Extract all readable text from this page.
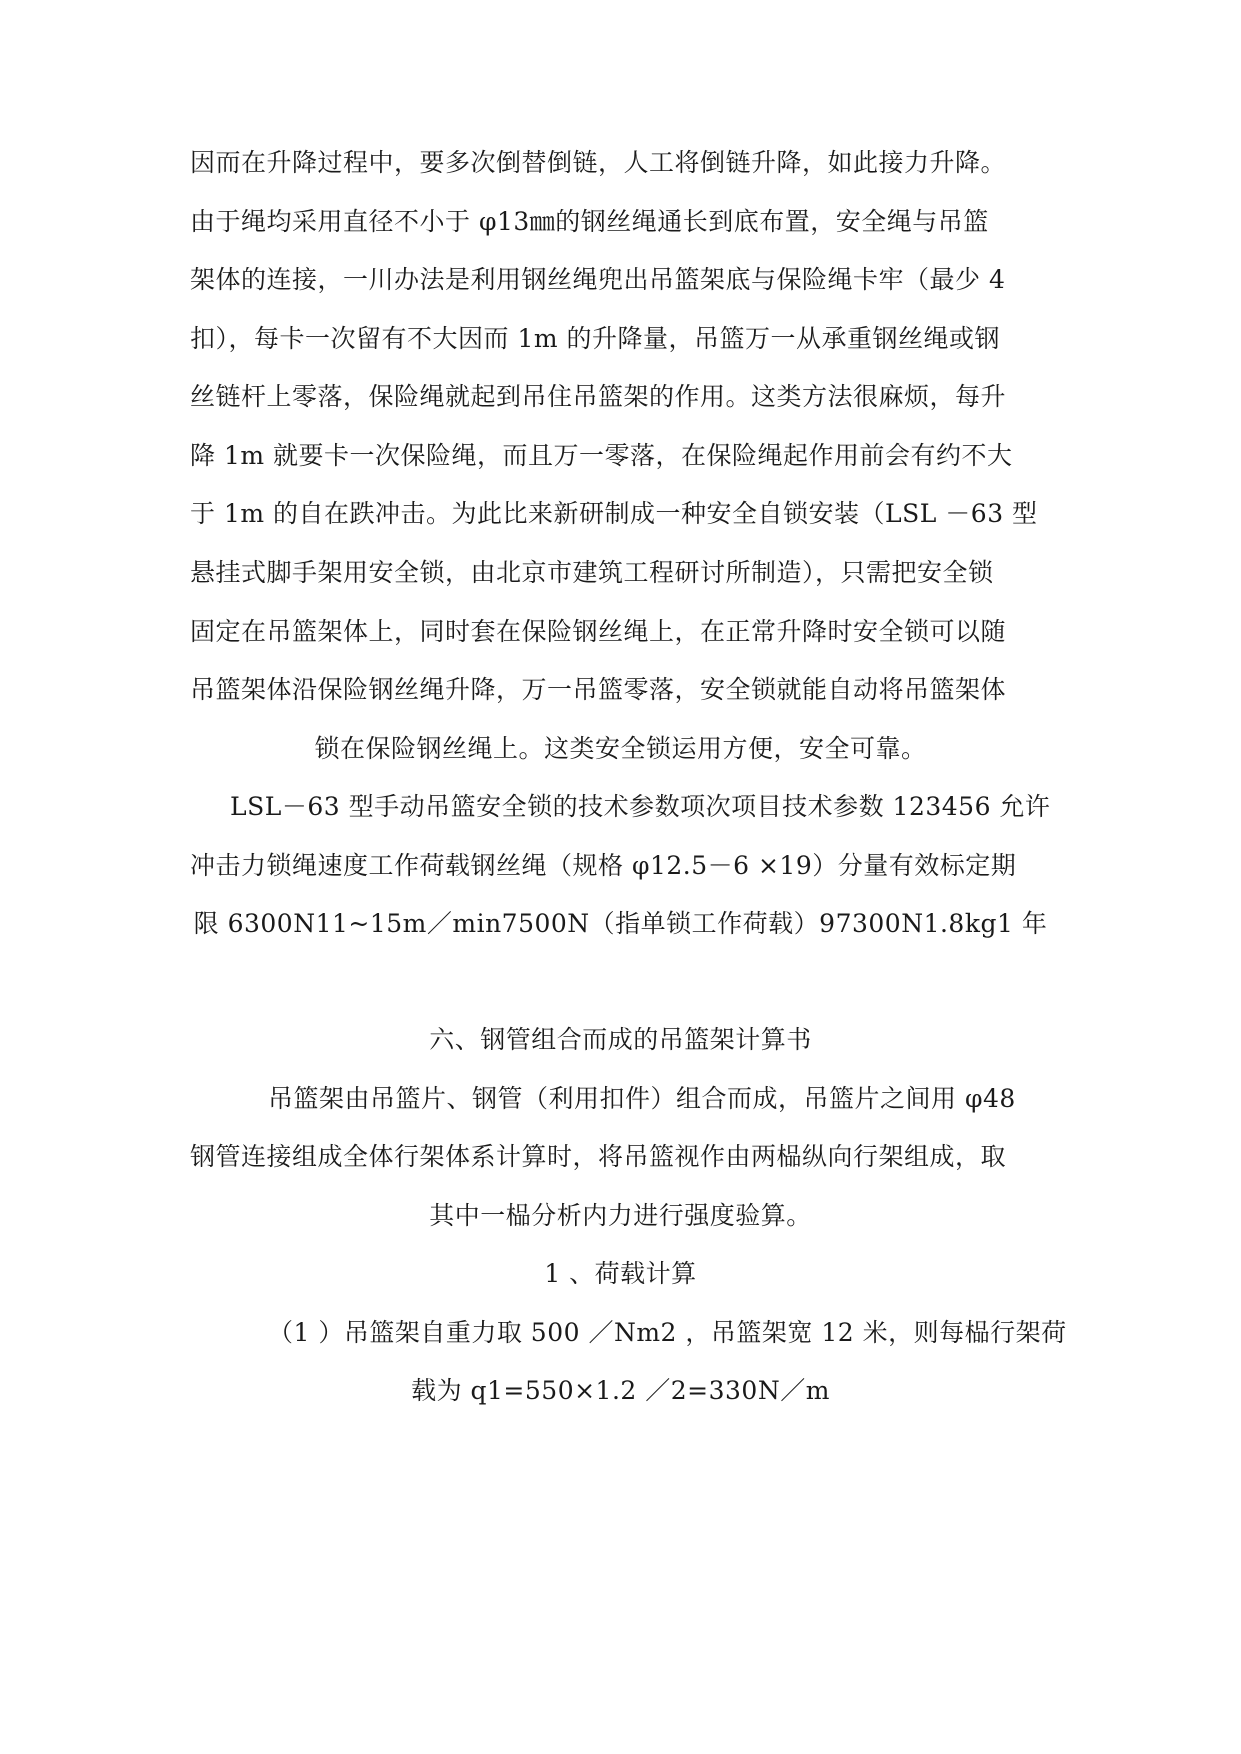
因而在升降过程中，要多次倒替倒链，人工将倒链升降，如此接力升降。
由于绳均采用直径不小于 φ13㎜的钢丝绳通长到底布置，安全绳与吊篮
架体的连接，一川办法是利用钢丝绳兜出吊篮架底与保险绳卡牢（最少 4
扣），每卡一次留有不大因而 1m 的升降量，吊篮万一从承重钢丝绳或钢
丝链杆上零落，保险绳就起到吊住吊篮架的作用。这类方法很麻烦，每升
降 1m 就要卡一次保险绳，而且万一零落，在保险绳起作用前会有约不大
于 1m 的自在跌冲击。为此比来新研制成一种安全自锁安装（LSL －63 型
悬挂式脚手架用安全锁，由北京市建筑工程研讨所制造），只需把安全锁
固定在吊篮架体上，同时套在保险钢丝绳上，在正常升降时安全锁可以随
吊篮架体沿保险钢丝绳升降，万一吊篮零落，安全锁就能自动将吊篮架体
锁在保险钢丝绳上。这类安全锁运用方便，安全可靠。
LSL－63 型手动吊篮安全锁的技术参数项次项目技术参数 123456 允许
冲击力锁绳速度工作荷载钢丝绳（规格 φ12.5－6 ×19）分量有效标定期
限 6300N11~15m／min7500N（指单锁工作荷载）97300N1.8kg1 年
六、钢管组合而成的吊篮架计算书
吊篮架由吊篮片、钢管（利用扣件）组合而成，吊篮片之间用 φ48
钢管连接组成全体行架体系计算时，将吊篮视作由两榀纵向行架组成，取
其中一榀分析内力进行强度验算。
1 、荷载计算
（1 ）吊篮架自重力取 500 ／Nm2 ，吊篮架宽 12 米，则每榀行架荷
载为 q1=550×1.2 ／2=330N／m
